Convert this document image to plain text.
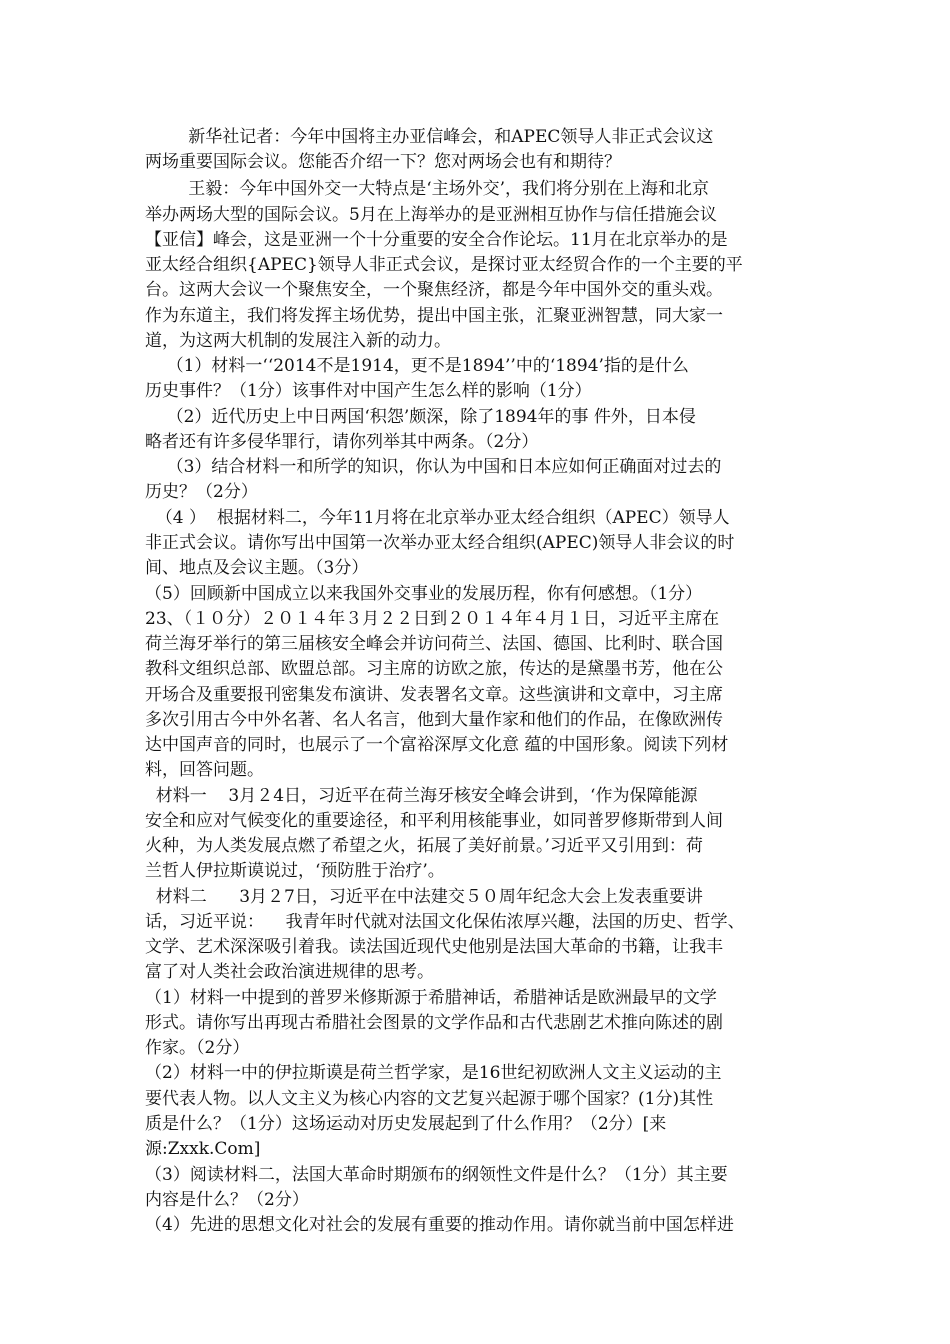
新华社记者：今年中国将主办亚信峰会，和APEC领导人非正式会议这
两场重要国际会议。您能否介绍一下？您对两场会也有和期待？
王毅：今年中国外交一大特点是‘主场外交’，我们将分别在上海和北京
举办两场大型的国际会议。5月在上海举办的是亚洲相互协作与信任措施会议
【亚信】峰会，这是亚洲一个十分重要的安全合作论坛。11月在北京举办的是
亚太经合组织{APEC}领导人非正式会议，是探讨亚太经贸合作的一个主要的平
台。这两大会议一个聚焦安全，一个聚焦经济，都是今年中国外交的重头戏。
作为东道主，我们将发挥主场优势，提出中国主张，汇聚亚洲智慧，同大家一
道，为这两大机制的发展注入新的动力。
（1）材料一‘‘2014不是1914，更不是1894’’中的‘1894’指的是什么
历史事件？（1分）该事件对中国产生怎么样的影响（1分）
（2）近代历史上中日两国‘积怨’颇深，除了1894年的事 件外，日本侵
略者还有许多侵华罪行，请你列举其中两条。（2分）
（3）结合材料一和所学的知识，你认为中国和日本应如何正确面对过去的
历史？（2分）
（4 ）  根据材料二，今年11月将在北京举办亚太经合组织（APEC）领导人
非正式会议。请你写出中国第一次举办亚太经合组织(APEC)领导人非会议的时
间、地点及会议主题。（3分）
（5）回顾新中国成立以来我国外交事业的发展历程，你有何感想。（1分）
23、（１０分）２０１４年３月２２日到２０１４年４月１日，习近平主席在
荷兰海牙举行的第三届核安全峰会并访问荷兰、法国、德国、比利时、联合国
教科文组织总部、欧盟总部。习主席的访欧之旅，传达的是黛墨书芳，他在公
开场合及重要报刊密集发布演讲、发表署名文章。这些演讲和文章中，习主席
多次引用古今中外名著、名人名言，他到大量作家和他们的作品，在像欧洲传
达中国声音的同时，也展示了一个富裕深厚文化意 蕴的中国形象。阅读下列材
料，回答问题。
材料一    3月２4日，习近平在荷兰海牙核安全峰会讲到，‘作为保障能源
安全和应对气候变化的重要途径，和平利用核能事业，如同普罗修斯带到人间
火种，为人类发展点燃了希望之火，拓展了美好前景。’习近平又引用到：荷
兰哲人伊拉斯谟说过，‘预防胜于治疗’。
材料二      3月２7日，习近平在中法建交５０周年纪念大会上发表重要讲
话，习近平说：    我青年时代就对法国文化保佑浓厚兴趣，法国的历史、哲学、
文学、艺术深深吸引着我。读法国近现代史他别是法国大革命的书籍，让我丰
富了对人类社会政治演进规律的思考。
（1）材料一中提到的普罗米修斯源于希腊神话，希腊神话是欧洲最早的文学
形式。请你写出再现古希腊社会图景的文学作品和古代悲剧艺术推向陈述的剧
作家。（2分）
（2）材料一中的伊拉斯谟是荷兰哲学家，是16世纪初欧洲人文主义运动的主
要代表人物。以人文主义为核心内容的文艺复兴起源于哪个国家？(1分)其性
质是什么？（1分）这场运动对历史发展起到了什么作用？（2分）[来
源:Zxxk.Com]
（3）阅读材料二，法国大革命时期颁布的纲领性文件是什么？（1分）其主要
内容是什么？（2分）
（4）先进的思想文化对社会的发展有重要的推动作用。请你就当前中国怎样进
